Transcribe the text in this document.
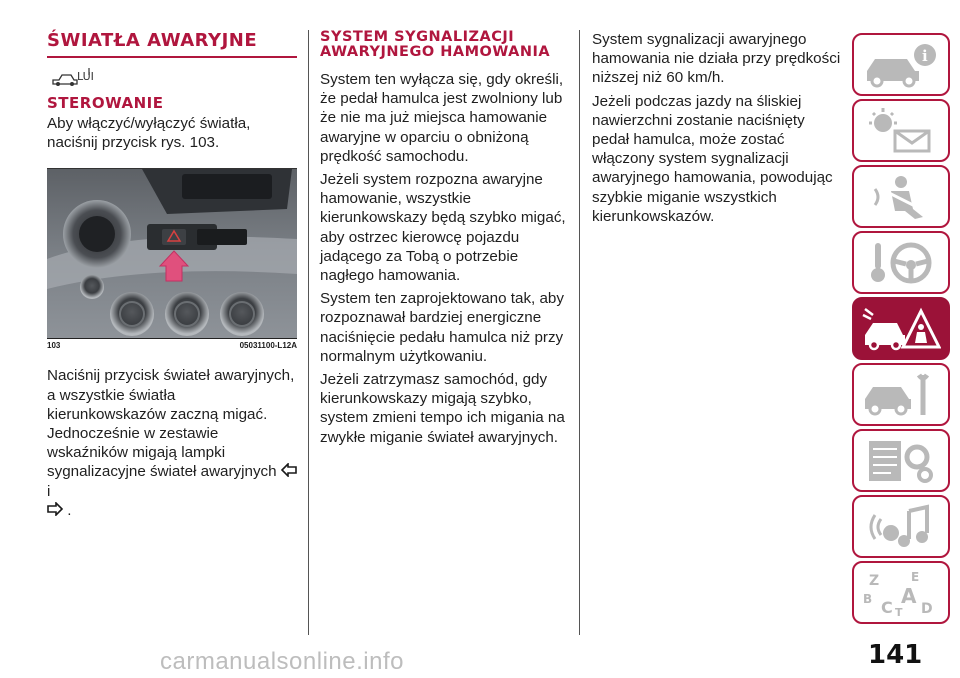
ŚWIATŁA AWARYJNE
LUI
STEROWANIE
Aby włączyć/wyłączyć światła, naciśnij przycisk rys. 103.
103	05031100-L12A
Naciśnij przycisk świateł awaryjnych, a wszystkie światła kierunkowskazów zaczną migać. Jednocześnie w zestawie wskaźników migają lampki sygnalizacyjne świateł awaryjnych  i
.
SYSTEM SYGNALIZACJI AWARYJNEGO HAMOWANIA

System ten wyłącza się, gdy określi, że pedał hamulca jest zwolniony lub że nie ma już miejsca hamowanie awaryjne w oparciu o obniżoną prędkość samochodu.

Jeżeli system rozpozna awaryjne hamowanie, wszystkie kierunkowskazy będą szybko migać, aby ostrzec kierowcę pojazdu jadącego za Tobą o potrzebie nagłego hamowania.

System ten zaprojektowano tak, aby rozpoznawał bardziej energiczne naciśnięcie pedału hamulca niż przy normalnym użytkowaniu.

Jeżeli zatrzymasz samochód, gdy kierunkowskazy migają szybko, system zmieni tempo ich migania na zwykłe miganie świateł awaryjnych.

System sygnalizacji awaryjnego hamowania nie działa przy prędkości niższej niż 60 km/h.

Jeżeli podczas jazdy na śliskiej nawierzchni zostanie naciśnięty pedał hamulca, może zostać włączony system sygnalizacji awaryjnego hamowania, powodując szybkie miganie wszystkich kierunkowskazów.

i
Z	E
B A
C T D
carmanualsonline.info	141
